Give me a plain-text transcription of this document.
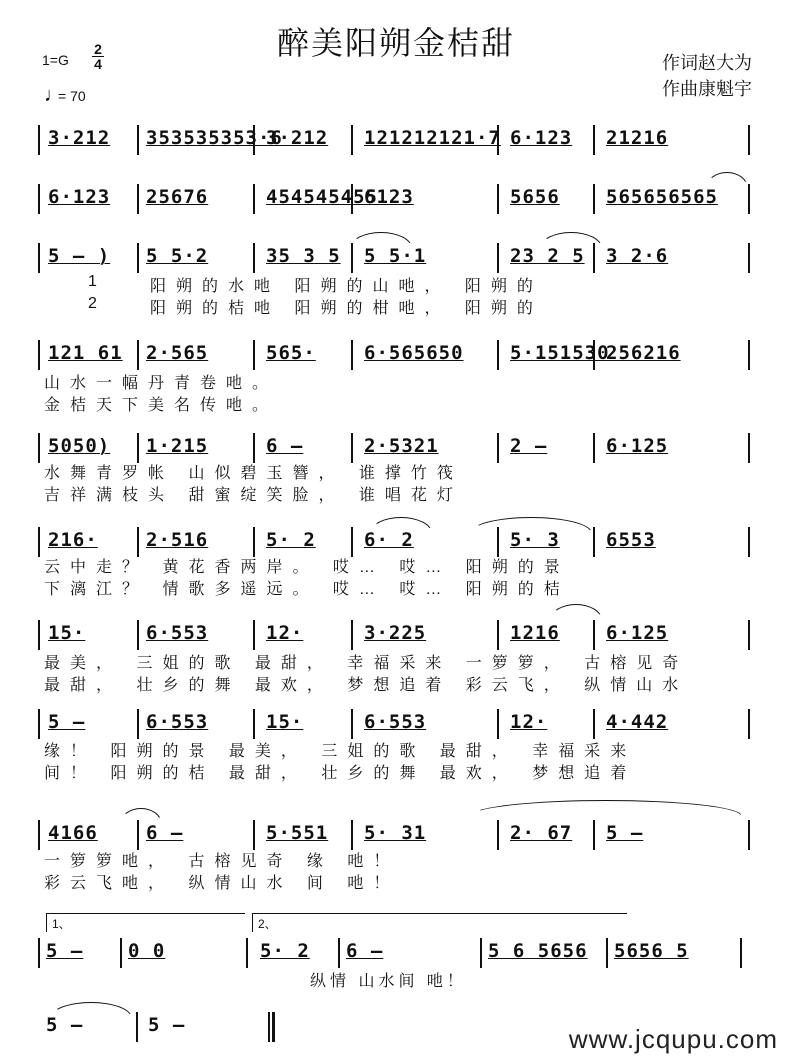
醉美阳朔金桔甜
$1=G \frac{2}{4}$
♩
= 70
作词赵大为
作曲康魁宇
3·212 353535353·6
3·212 121212121·7 6·123 21216
6·123 25676	454545455
6123	5656 565656565
5 – ) 5 5·2	35 3 5 5 5·1	23 2 5 3 2·6
121 61 2·565	565·	6·565650 5·151530
256216
5050) 1·215	6 –	2·5321	2 –	6·125
216·	2·516	5· 2	6· 2	5· 3 6553
15·	6·553	12·	3·225	1216 6·125
5 –	6·553	15·	6·553	12·	4·442
4166	6 –	5·551 5· 31	2· 67 5 –
1、	2、
www.jcqupu.com
1
2
阳朔的水吔 阳朔的山吔， 阳朔的
阳朔的桔吔 阳朔的柑吔， 阳朔的
山水一幅丹青卷吔。
金桔天下美名传吔。
水舞青罗帐 山似碧玉簪， 谁撑竹筏
吉祥满枝头 甜蜜绽笑脸， 谁唱花灯
云中走？ 黄花香两岸。 哎… 哎… 阳朔的景
下漓江？ 情歌多遥远。 哎… 哎… 阳朔的桔
最美， 三姐的歌 最甜， 幸福采来 一箩箩， 古榕见奇
最甜， 壮乡的舞 最欢， 梦想追着 彩云飞， 纵情山水
缘！ 阳朔的景 最美， 三姐的歌 最甜， 幸福采来
间！ 阳朔的桔 最甜， 壮乡的舞 最欢， 梦想追着
一箩箩吔， 古榕见奇 缘 吔！
彩云飞吔， 纵情山水 间 吔！
5 – 0 0	5· 2 6 –	5 6 5656 5656 5
纵情 山水间 吔！
5 –	5 –
